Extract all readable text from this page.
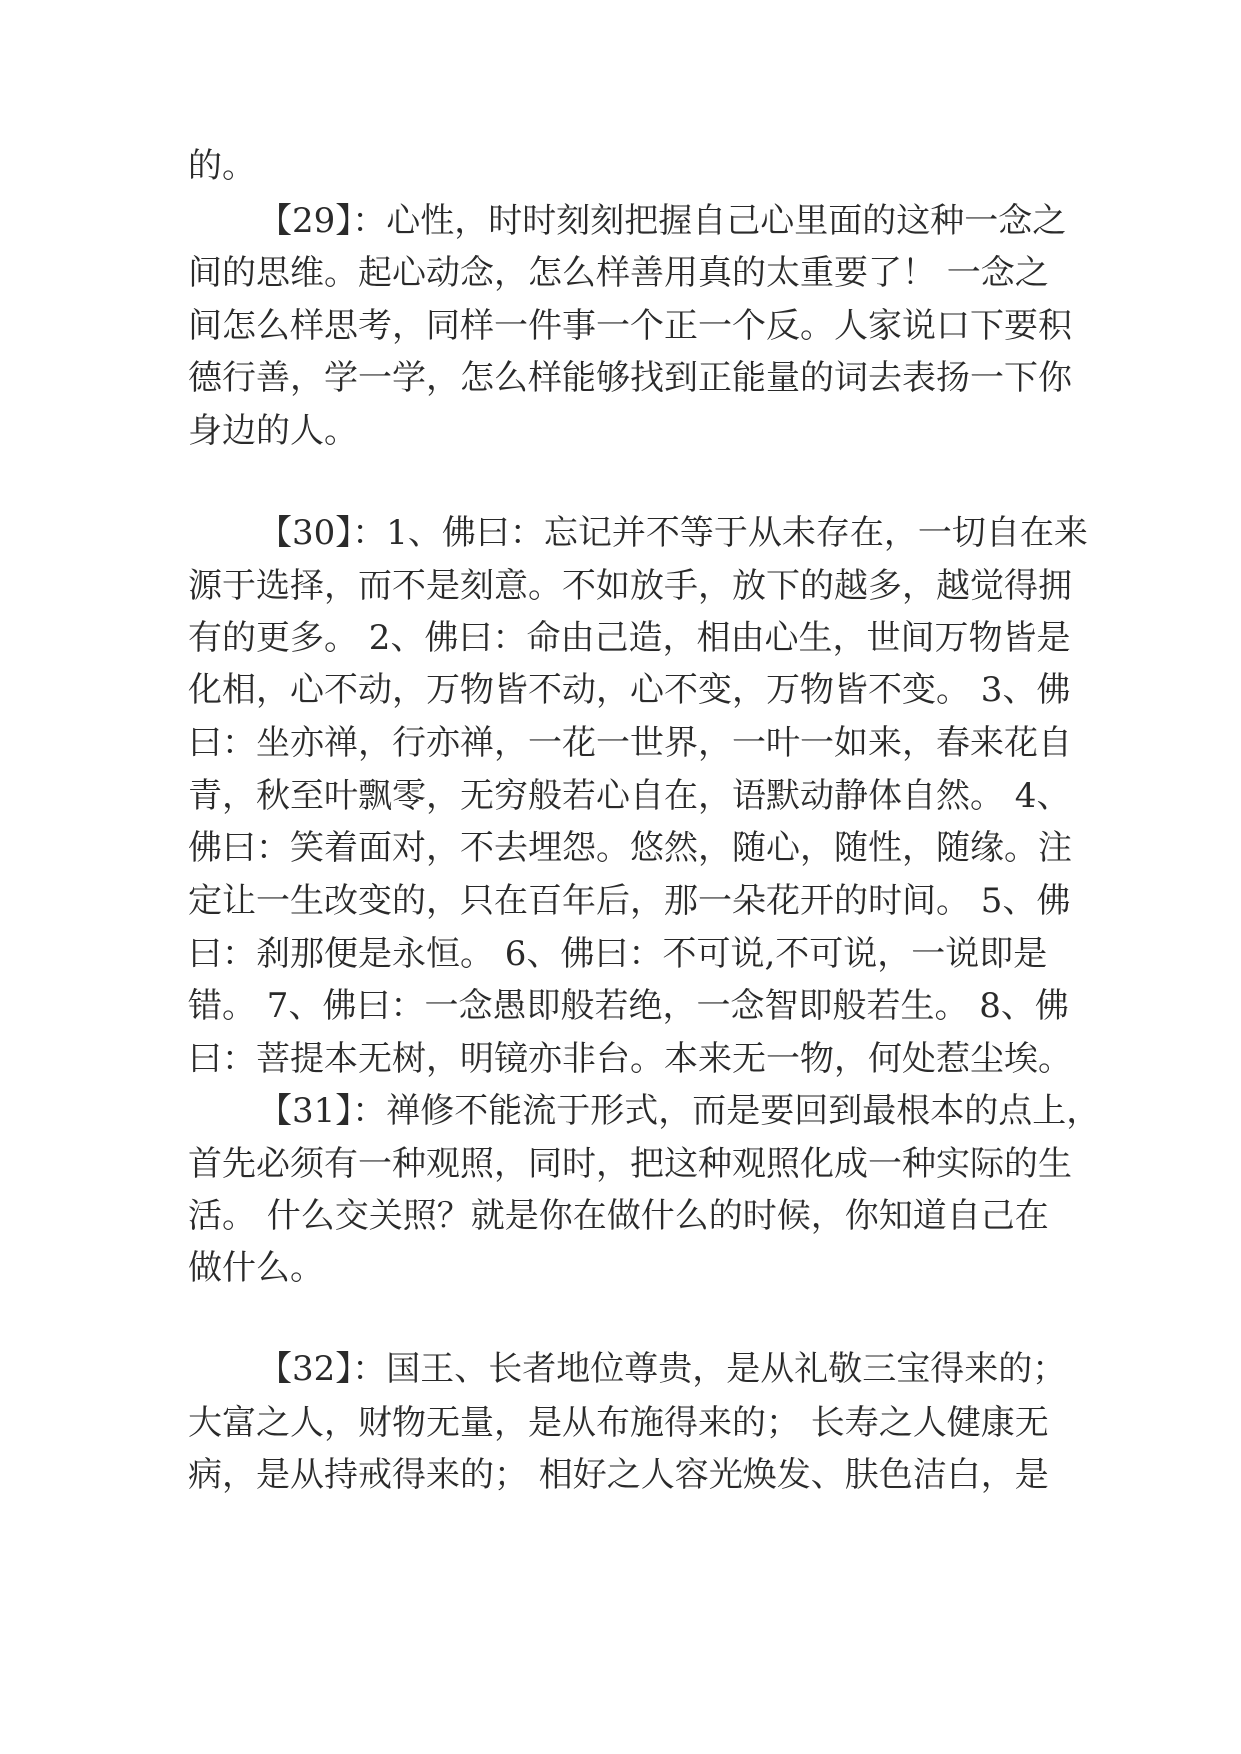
的。
【29】：心性，时时刻刻把握自己心里面的这种一念之
间的思维。起心动念，怎么样善用真的太重要了！ 一念之
间怎么样思考，同样一件事一个正一个反。人家说口下要积
德行善，学一学，怎么样能够找到正能量的词去表扬一下你
身边的人。
【30】：1、佛曰：忘记并不等于从未存在，一切自在来
源于选择，而不是刻意。不如放手，放下的越多，越觉得拥
有的更多。 2、佛曰：命由己造，相由心生，世间万物皆是
化相，心不动，万物皆不动，心不变，万物皆不变。 3、佛
曰：坐亦禅，行亦禅，一花一世界，一叶一如来，春来花自
青，秋至叶飘零，无穷般若心自在，语默动静体自然。 4、
佛曰：笑着面对，不去埋怨。悠然，随心，随性，随缘。注
定让一生改变的，只在百年后，那一朵花开的时间。 5、佛
曰：刹那便是永恒。 6、佛曰：不可说,不可说，一说即是
错。 7、佛曰：一念愚即般若绝，一念智即般若生。 8、佛
曰：菩提本无树，明镜亦非台。本来无一物，何处惹尘埃。
【31】：禅修不能流于形式，而是要回到最根本的点上，
首先必须有一种观照，同时，把这种观照化成一种实际的生
活。 什么交关照？就是你在做什么的时候，你知道自己在
做什么。
【32】：国王、长者地位尊贵，是从礼敬三宝得来的；
大富之人，财物无量，是从布施得来的； 长寿之人健康无
病，是从持戒得来的； 相好之人容光焕发、肤色洁白，是
